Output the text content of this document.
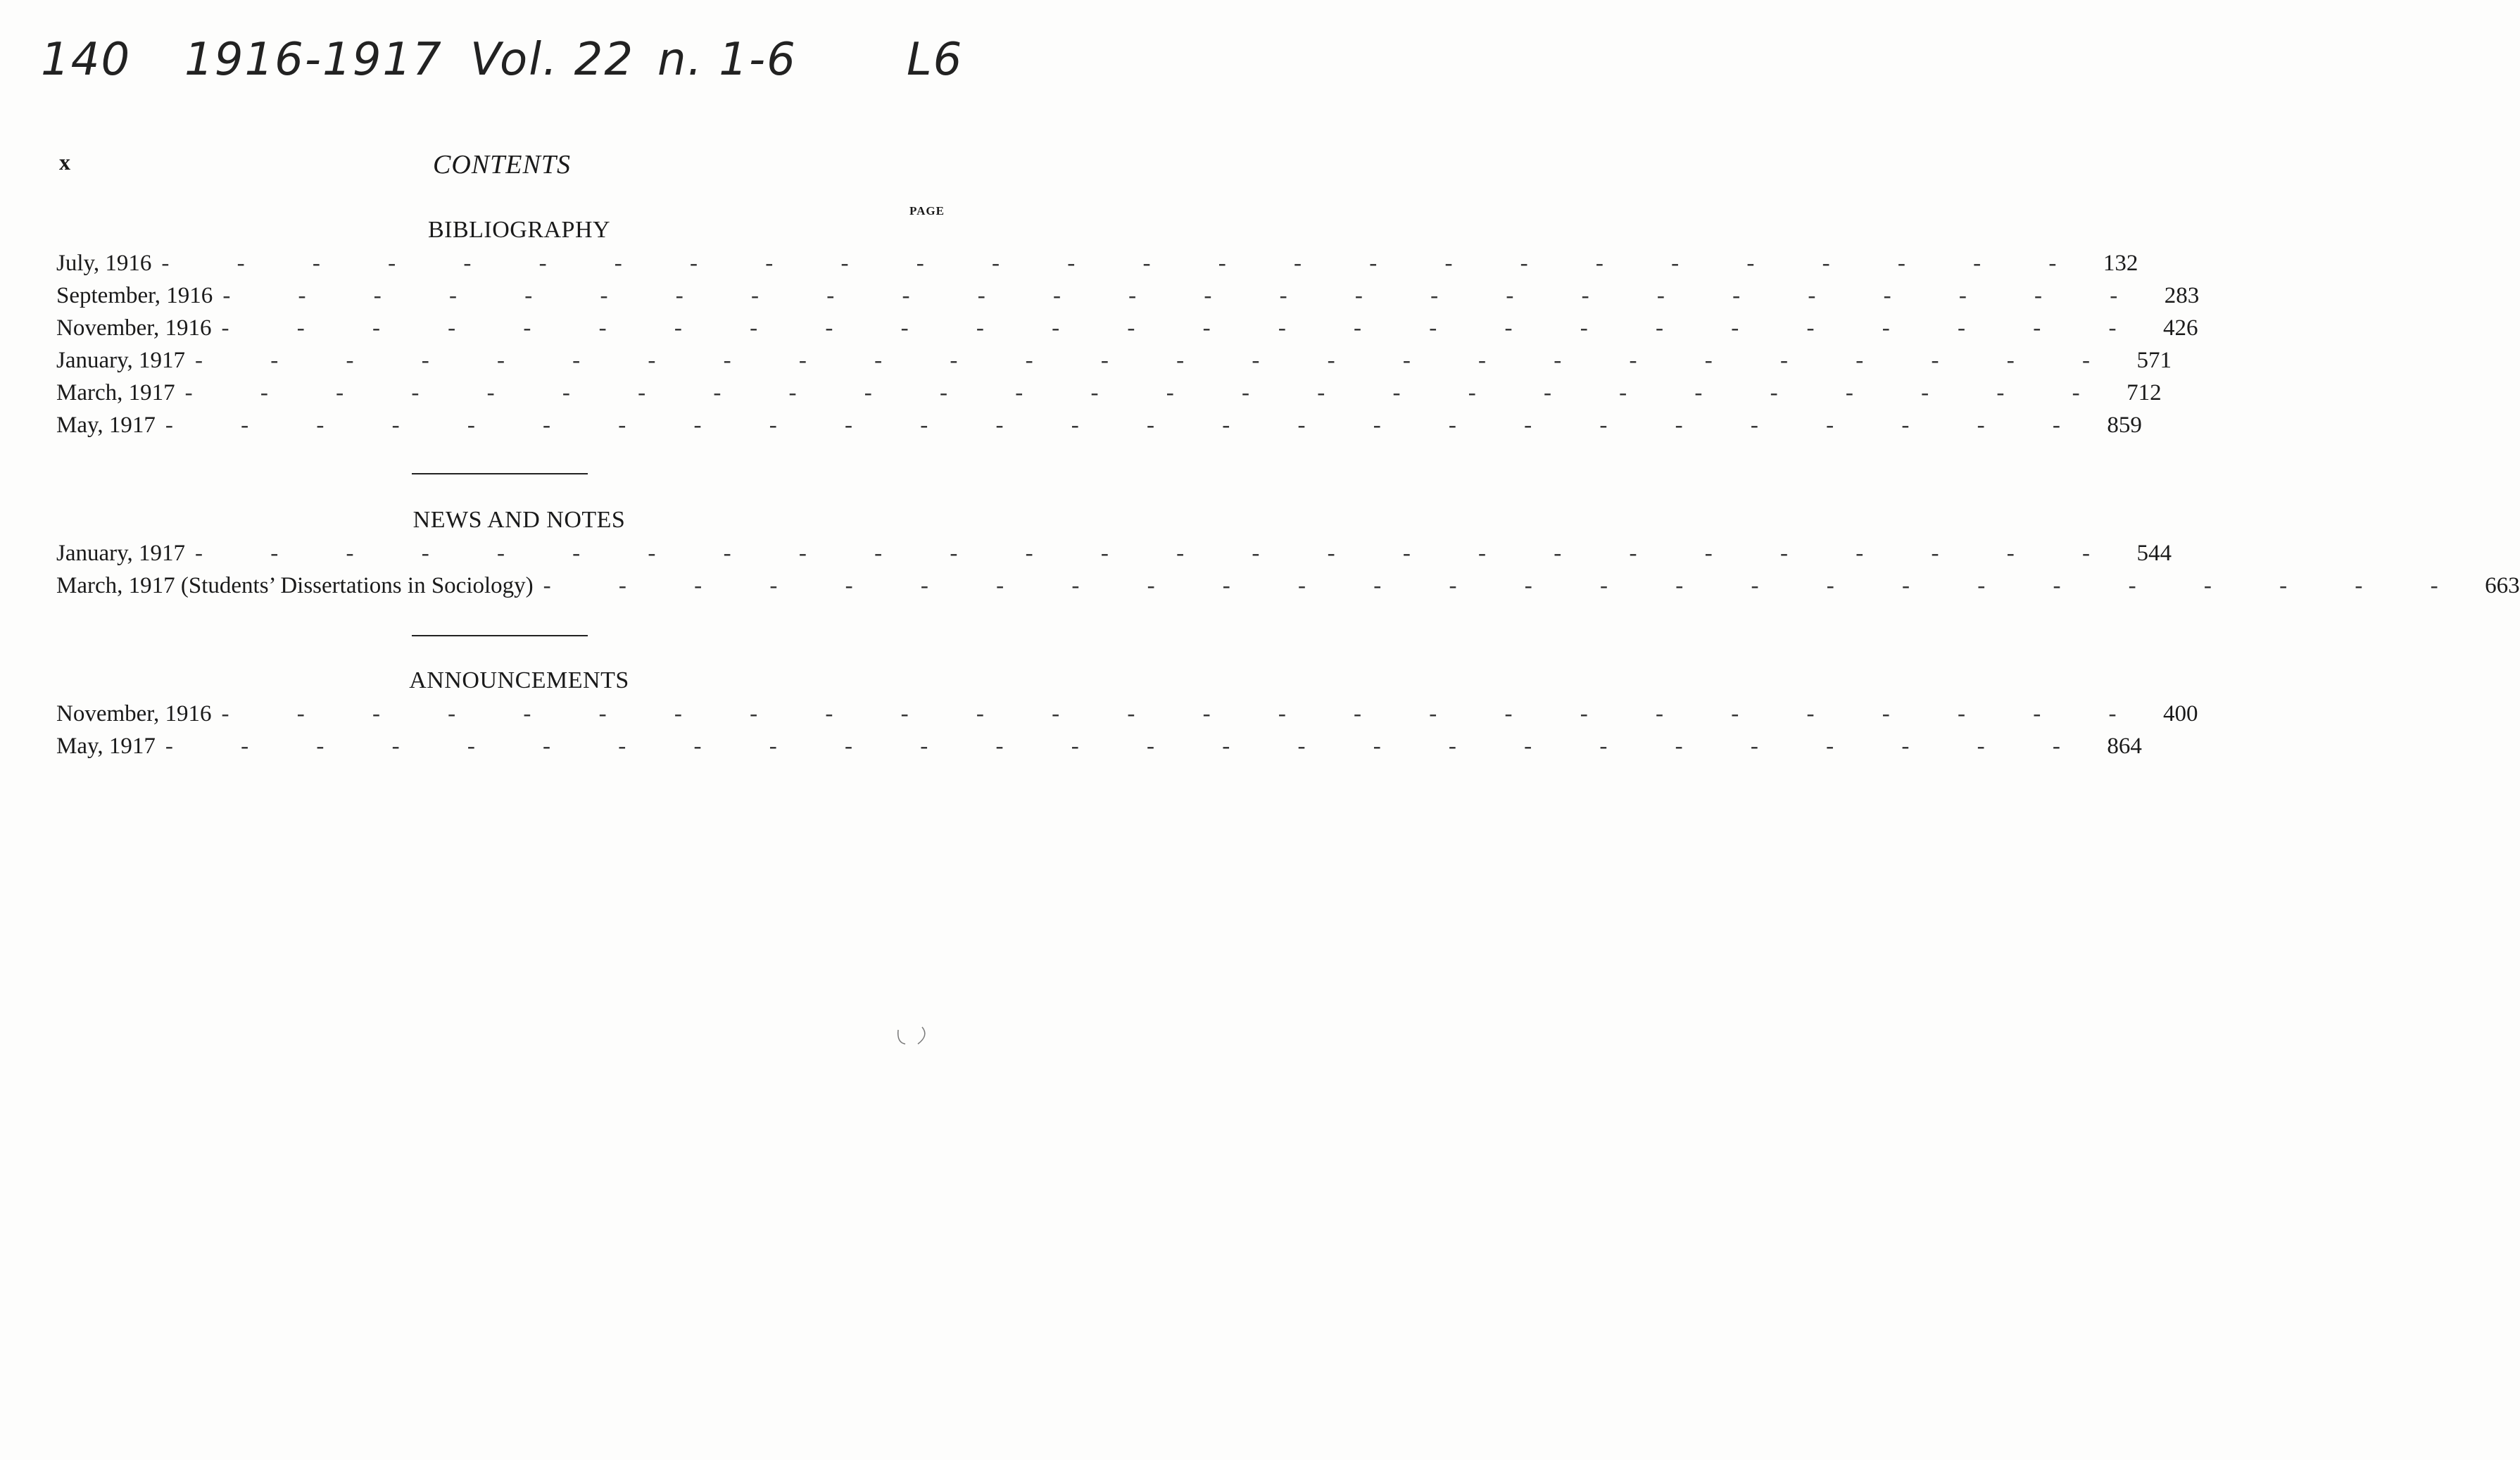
140 1916-1917 Vol. 22 n. 1-6 L6
x	CONTENTS
PAGE
BIBLIOGRAPHY
July, 1916 - - - - - - - - - - - - - - - - - - - - - - - - - - 132
September, 1916 - - - - - - - - - - - - - - - - - - - - - - - - - - 283
November, 1916 - - - - - - - - - - - - - - - - - - - - - - - - - - 426
January, 1917 - - - - - - - - - - - - - - - - - - - - - - - - - - 571
March, 1917 - - - - - - - - - - - - - - - - - - - - - - - - - - 712
May, 1917 - - - - - - - - - - - - - - - - - - - - - - - - - - 859
NEWS AND NOTES
January, 1917 - - - - - - - - - - - - - - - - - - - - - - - - - - 544
March, 1917 (Students’ Dissertations in Sociology) - - - - - - - - - - - - - - - - - - - - - - - - - - 663
ANNOUNCEMENTS
November, 1916 - - - - - - - - - - - - - - - - - - - - - - - - - - 400
May, 1917 - - - - - - - - - - - - - - - - - - - - - - - - - - 864
